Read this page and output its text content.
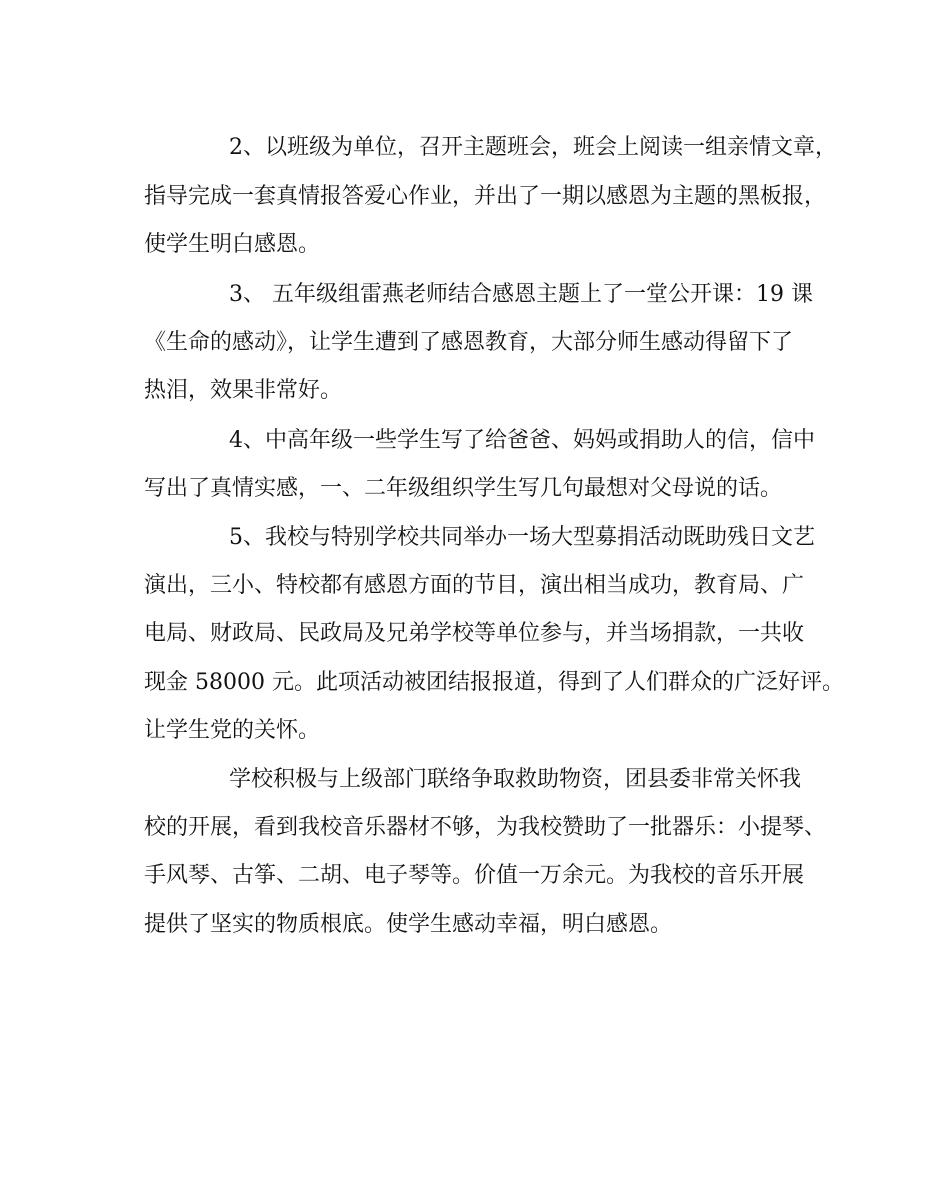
2、以班级为单位，召开主题班会，班会上阅读一组亲情文章，
指导完成一套真情报答爱心作业，并出了一期以感恩为主题的黑板报，
使学生明白感恩。
3、 五年级组雷燕老师结合感恩主题上了一堂公开课：19 课
《生命的感动》，让学生遭到了感恩教育，大部分师生感动得留下了
热泪，效果非常好。
4、中高年级一些学生写了给爸爸、妈妈或捐助人的信，信中
写出了真情实感，一、二年级组织学生写几句最想对父母说的话。
5、我校与特别学校共同举办一场大型募捐活动既助残日文艺
演出，三小、特校都有感恩方面的节目，演出相当成功，教育局、广
电局、财政局、民政局及兄弟学校等单位参与，并当场捐款，一共收
现金 58000 元。此项活动被团结报报道，得到了人们群众的广泛好评。
让学生党的关怀。
学校积极与上级部门联络争取救助物资，团县委非常关怀我
校的开展，看到我校音乐器材不够，为我校赞助了一批器乐：小提琴、
手风琴、古筝、二胡、电子琴等。价值一万余元。为我校的音乐开展
提供了坚实的物质根底。使学生感动幸福，明白感恩。
